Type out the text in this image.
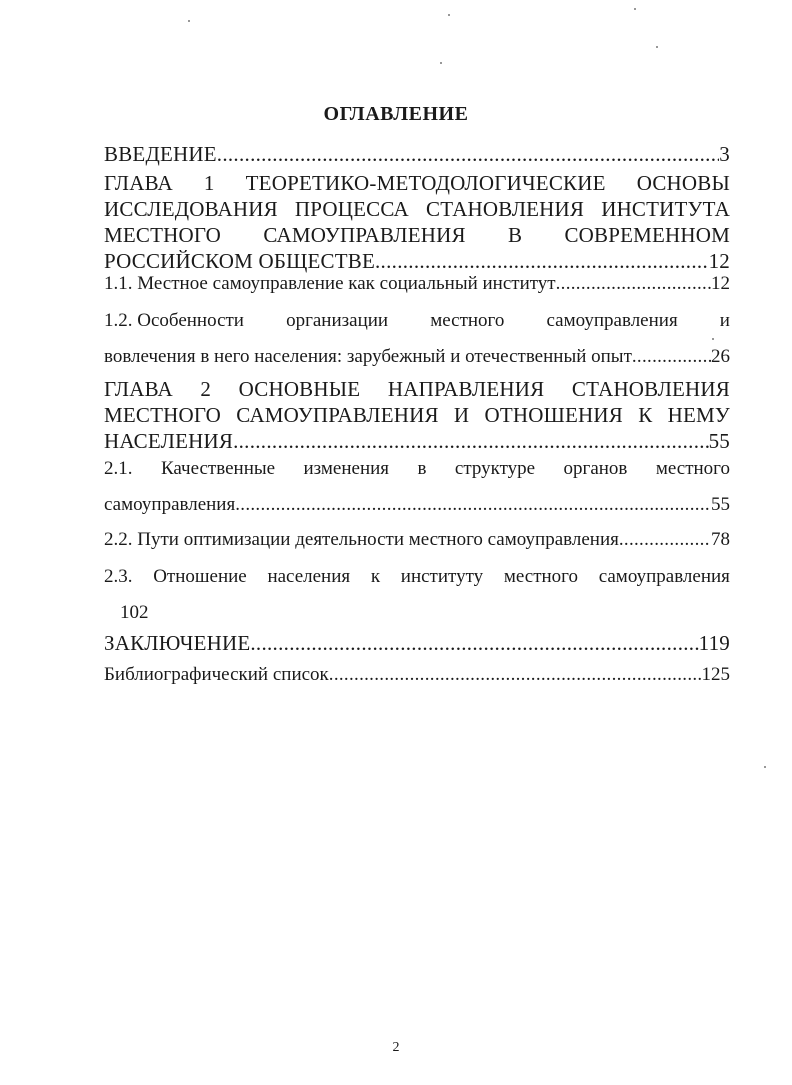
ОГЛАВЛЕНИЕ
ВВЕДЕНИЕ .....	3
ГЛАВА 1 ТЕОРЕТИКО-МЕТОДОЛОГИЧЕСКИЕ ОСНОВЫ
ИССЛЕДОВАНИЯ ПРОЦЕССА СТАНОВЛЕНИЯ ИНСТИТУТА
МЕСТНОГО САМОУПРАВЛЕНИЯ В СОВРЕМЕННОМ
РОССИЙСКОМ ОБЩЕСТВЕ .....	12
1.1. Местное самоуправление как социальный институт .....	12
1.2. Особенности организации местного самоуправления и
вовлечения в него населения: зарубежный и отечественный опыт .....	26
ГЛАВА 2 ОСНОВНЫЕ НАПРАВЛЕНИЯ СТАНОВЛЕНИЯ
МЕСТНОГО САМОУПРАВЛЕНИЯ И ОТНОШЕНИЯ К НЕМУ
НАСЕЛЕНИЯ .....	55
2.1. Качественные изменения в структуре органов местного
самоуправления .....	55
2.2. Пути оптимизации деятельности местного самоуправления .....	78
2.3. Отношение населения к институту местного самоуправления
102
ЗАКЛЮЧЕНИЕ .....	119
Библиографический список .....	125
2
